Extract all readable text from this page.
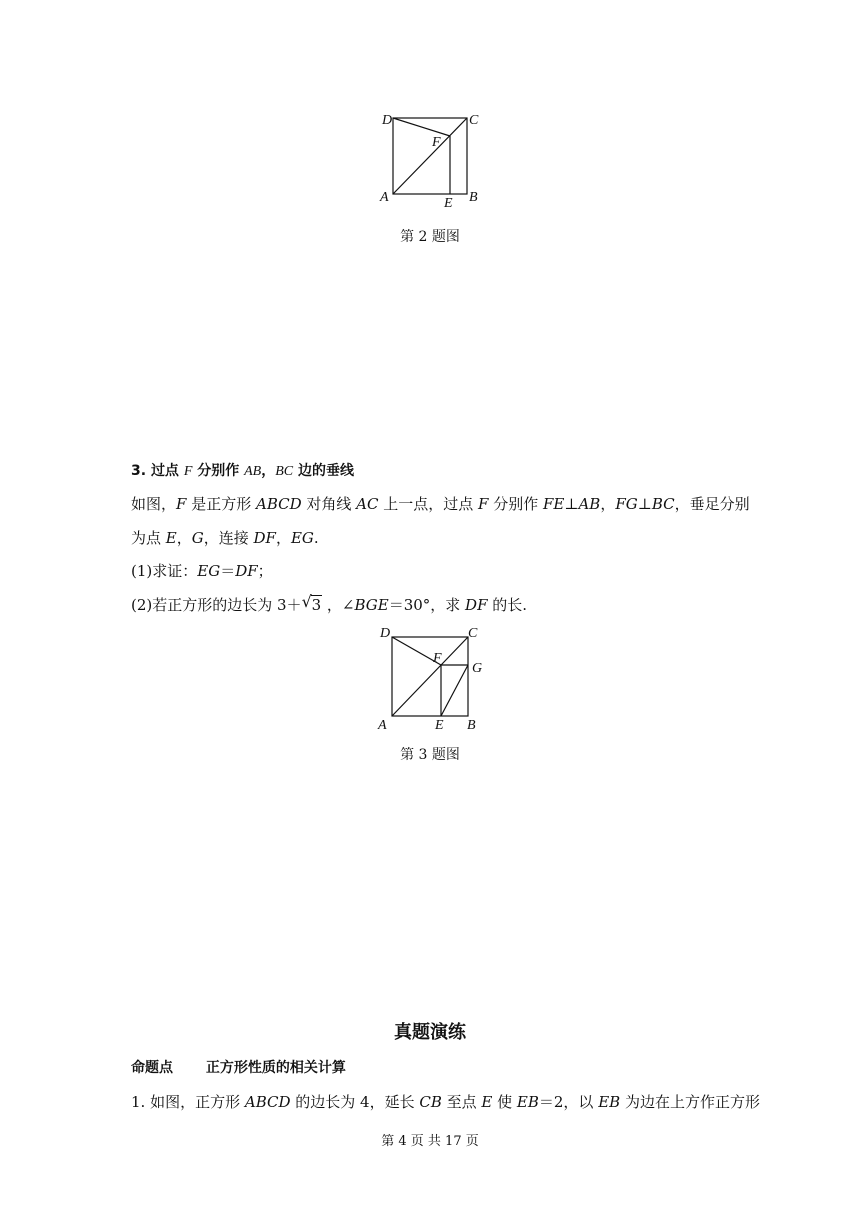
D	C
F
A	E B
第 2 题图
3. 过点 F 分别作 AB，BC 边的垂线
如图，F 是正方形 ABCD 对角线 AC 上一点，过点 F 分别作 FE⊥AB，FG⊥BC，垂足分别
为点 E，G，连接 DF，EG.
(1)求证：EG＝DF；
(2)若正方形的边长为 3＋ √ 3 ，∠BGE＝30°，求 DF 的长.
D	C
F
G
A	E B
第 3 题图
真题演练
命题点 正方形性质的相关计算
1. 如图，正方形 ABCD 的边长为 4，延长 CB 至点 E 使 EB＝2，以 EB 为边在上方作正方形
第 4 页 共 17 页
